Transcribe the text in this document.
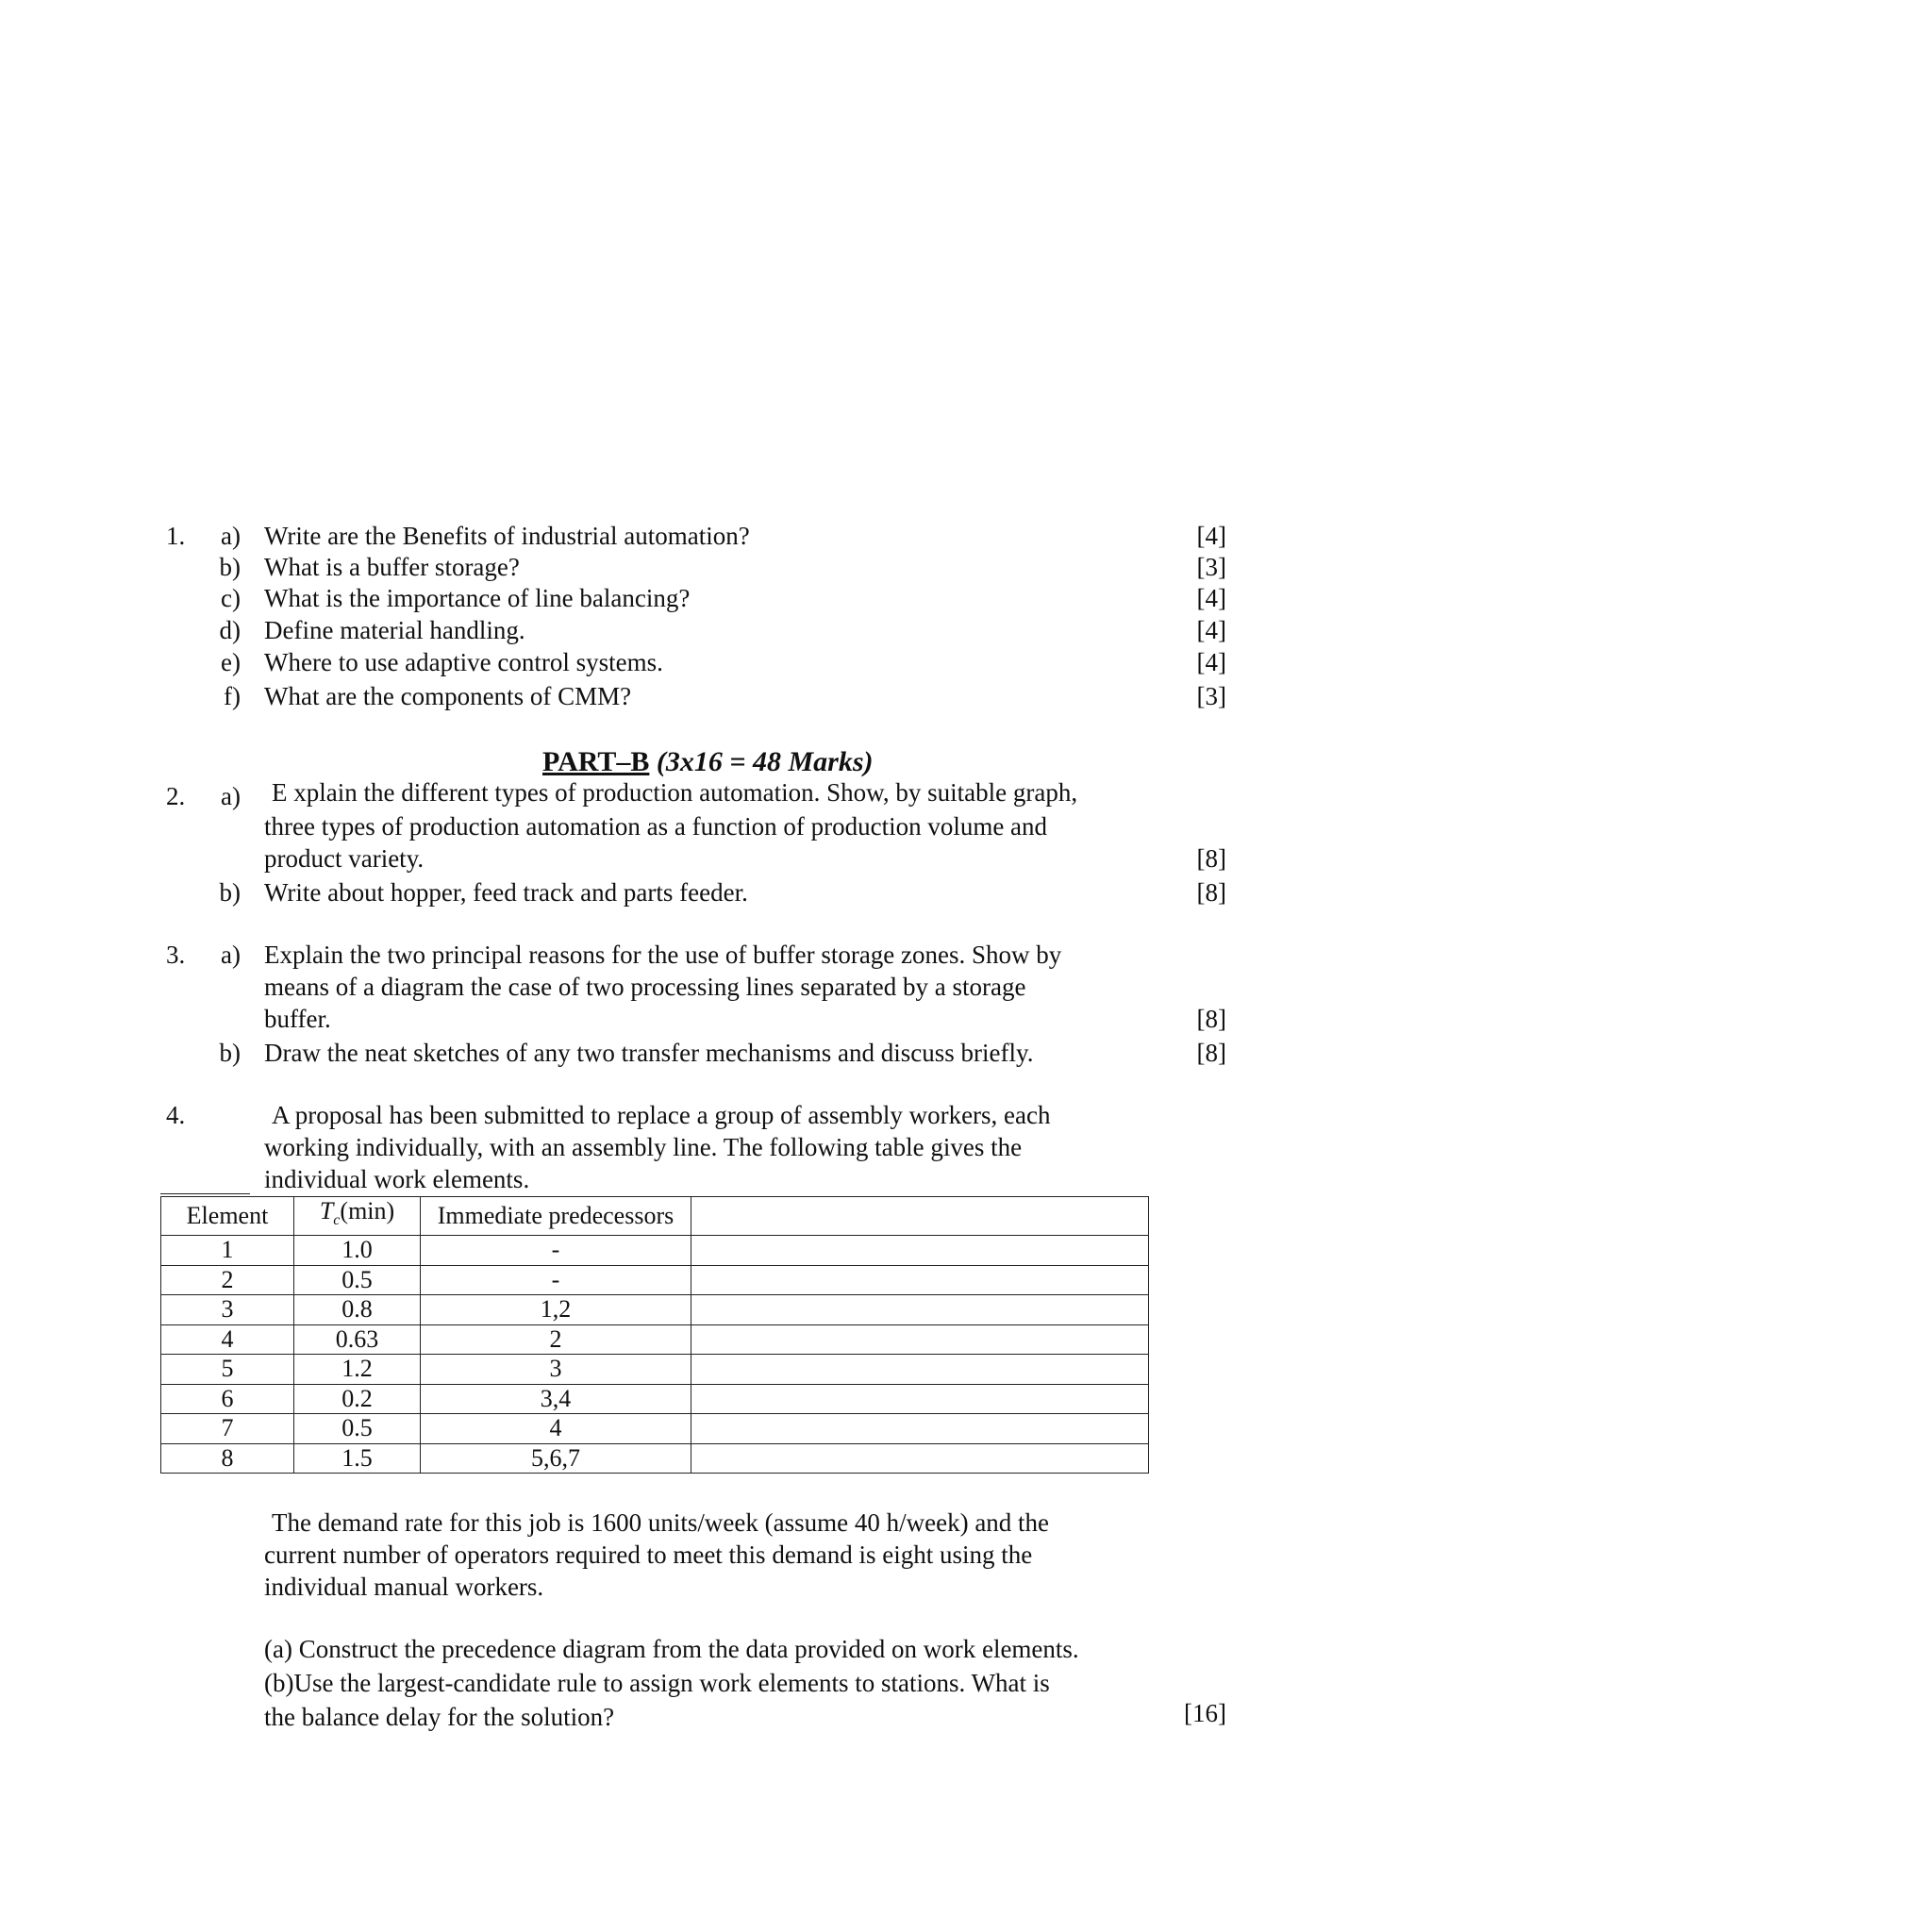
1.	a) Write are the Benefits of industrial automation?	[4]
b) What is a buffer storage?	[3]
c) What is the importance of line balancing?	[4]
d) Define material handling.	[4]
e) Where to use adaptive control systems.	[4]
f) What are the components of CMM?	[3]
PART–B (3x16 = 48 Marks)
2.	a) E xplain the different types of production automation. Show, by suitable graph,
three types of production automation as a function of production volume and
product variety.	[8]
b) Write about hopper, feed track and parts feeder.	[8]
3.	a) Explain the two principal reasons for the use of buffer storage zones. Show by
means of a diagram the case of two processing lines separated by a storage
buffer.	[8]
b) Draw the neat sketches of any two transfer mechanisms and discuss briefly.	[8]
4.	A proposal has been submitted to replace a group of assembly workers, each
working individually, with an assembly line. The following table gives the
individual work elements.
Element	$T_c(\min)$	Immediate predecessors	
1	1.0	-	
2	0.5	-	
3	0.8	1,2	
4	0.63	2	
5	1.2	3	
6	0.2	3,4	
7	0.5	4	
8	1.5	5,6,7	
The demand rate for this job is 1600 units/week (assume 40 h/week) and the
current number of operators required to meet this demand is eight using the
individual manual workers.
(a) Construct the precedence diagram from the data provided on work elements.
(b)Use the largest-candidate rule to assign work elements to stations. What is
the balance delay for the solution?	[16]
